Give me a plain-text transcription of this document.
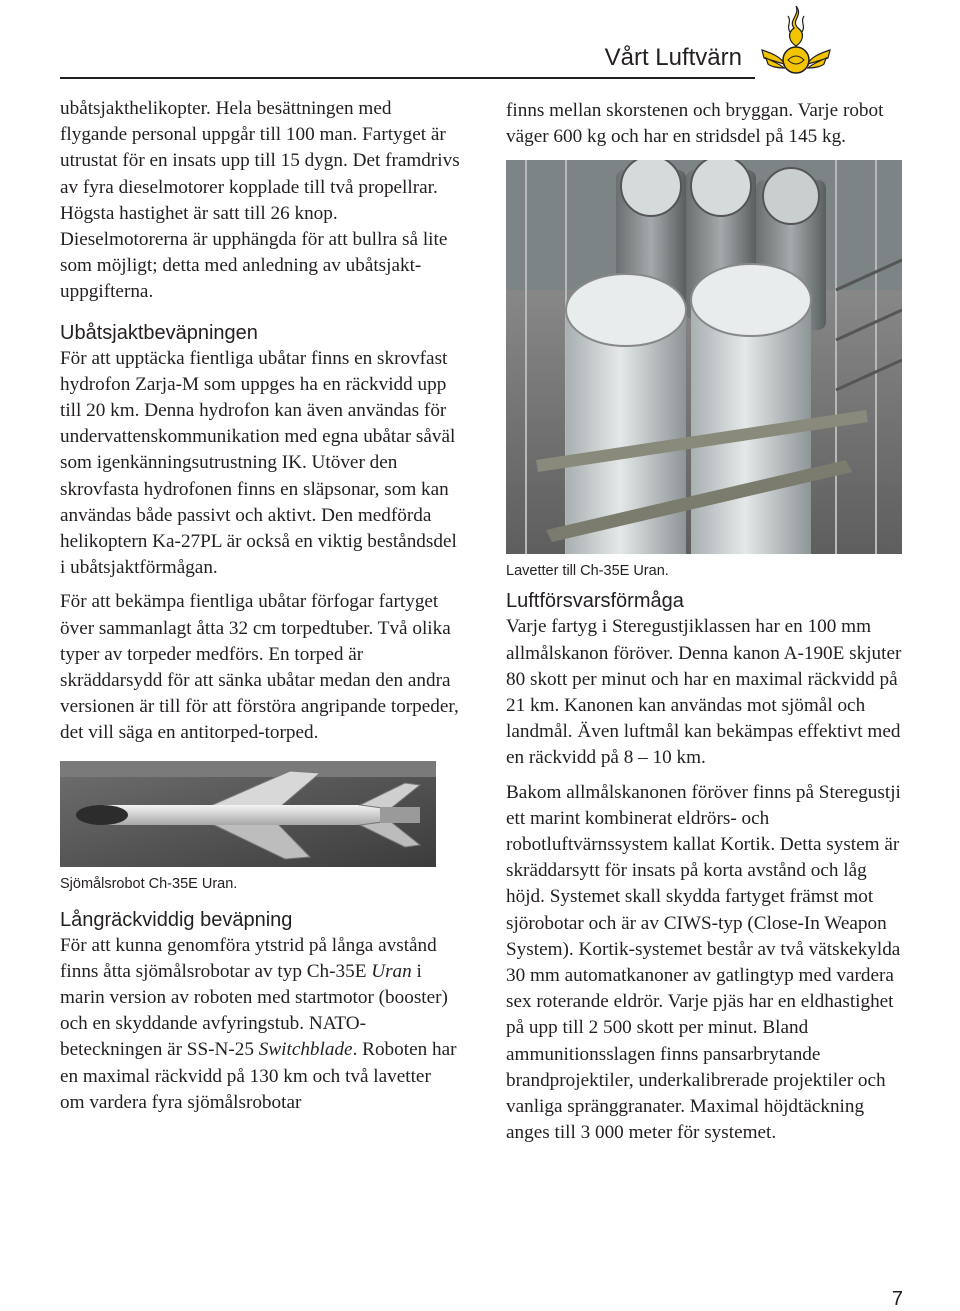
Vårt Luftvärn

ubåtsjakthelikopter. Hela besättningen med flygande personal uppgår till 100 man. Fartyget är utrustat för en insats upp till 15 dygn. Det framdrivs av fyra dieselmotorer kopplade till två propellrar. Högsta hastighet är satt till 26 knop. Dieselmotorerna är upphängda för att bullra så lite som möjligt; detta med anledning av ubåtsjaktuppgifterna.

Ubåtsjaktbeväpningen

För att upptäcka fientliga ubåtar finns en skrovfast hydrofon Zarja-M som uppges ha en räckvidd upp till 20 km. Denna hydrofon kan även användas för undervattenskommunikation med egna ubåtar såväl som igenkänningsutrustning IK. Utöver den skrovfasta hydrofonen finns en släpsonar, som kan användas både passivt och aktivt. Den medförda helikoptern Ka-27PL är också en viktig beståndsdel i ubåtsjaktförmågan.

För att bekämpa fientliga ubåtar förfogar fartyget över sammanlagt åtta 32 cm torpedtuber. Två olika typer av torpeder medförs. En torped är skräddarsydd för att sänka ubåtar medan den andra versionen är till för att förstöra angripande torpeder, det vill säga en antitorped-torped.

Sjömålsrobot Ch-35E Uran.
Långräckviddig beväpning

För att kunna genomföra ytstrid på långa avstånd finns åtta sjömålsrobotar av typ Ch-35E Uran i marin version av roboten med startmotor (booster) och en skyddande avfyringstub. NATO-beteckningen är SS-N-25 Switchblade. Roboten har en maximal räckvidd på 130 km och två lavetter om vardera fyra sjömålsrobotar

finns mellan skorstenen och bryggan. Varje robot väger 600 kg och har en stridsdel på 145 kg.

Lavetter till Ch-35E Uran.
Luftförsvarsförmåga

Varje fartyg i Steregustjiklassen har en 100 mm allmålskanon föröver. Denna kanon A-190E skjuter 80 skott per minut och har en maximal räckvidd på 21 km. Kanonen kan användas mot sjömål och landmål. Även luftmål kan bekämpas effektivt med en räckvidd på 8 – 10 km.

Bakom allmålskanonen föröver finns på Steregustji ett marint kombinerat eldrörs- och robotluftvärnssystem kallat Kortik. Detta system är skräddarsytt för insats på korta avstånd och låg höjd. Systemet skall skydda fartyget främst mot sjörobotar och är av CIWS-typ (Close-In Weapon System). Kortik-systemet består av två vätskekylda 30 mm automatkanoner av gatlingtyp med vardera sex roterande eldrör. Varje pjäs har en eldhastighet på upp till 2 500 skott per minut. Bland ammunitionsslagen finns pansarbrytande brandprojektiler, underkalibrerade projektiler och vanliga spränggranater. Maximal höjdtäckning anges till 3 000 meter för systemet.

7
